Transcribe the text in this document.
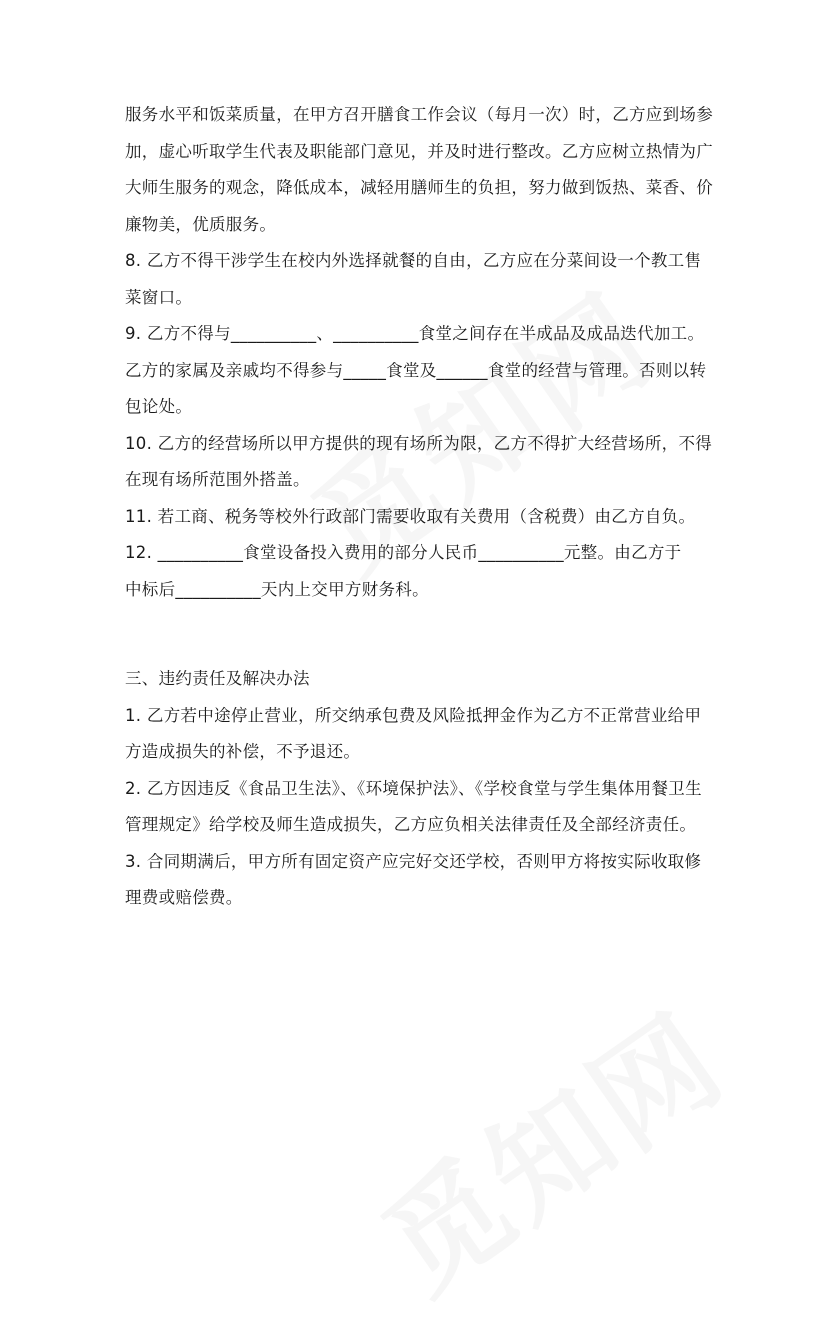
服务水平和饭菜质量，在甲方召开膳食工作会议（每月一次）时，乙方应到场参
加，虚心听取学生代表及职能部门意见，并及时进行整改。乙方应树立热情为广
大师生服务的观念，降低成本，减轻用膳师生的负担，努力做到饭热、菜香、价
廉物美，优质服务。
8. 乙方不得干涉学生在校内外选择就餐的自由，乙方应在分菜间设一个教工售
菜窗口。
9. 乙方不得与__________、__________食堂之间存在半成品及成品迭代加工。
乙方的家属及亲戚均不得参与_____食堂及______食堂的经营与管理。否则以转
包论处。
10. 乙方的经营场所以甲方提供的现有场所为限，乙方不得扩大经营场所，不得
在现有场所范围外搭盖。
11. 若工商、税务等校外行政部门需要收取有关费用（含税费）由乙方自负。
12. __________食堂设备投入费用的部分人民币__________元整。由乙方于
中标后__________天内上交甲方财务科。
三、违约责任及解决办法
1. 乙方若中途停止营业，所交纳承包费及风险抵押金作为乙方不正常营业给甲
方造成损失的补偿，不予退还。
2. 乙方因违反《食品卫生法》、《环境保护法》、《学校食堂与学生集体用餐卫生
管理规定》给学校及师生造成损失，乙方应负相关法律责任及全部经济责任。
3. 合同期满后，甲方所有固定资产应完好交还学校，否则甲方将按实际收取修
理费或赔偿费。
